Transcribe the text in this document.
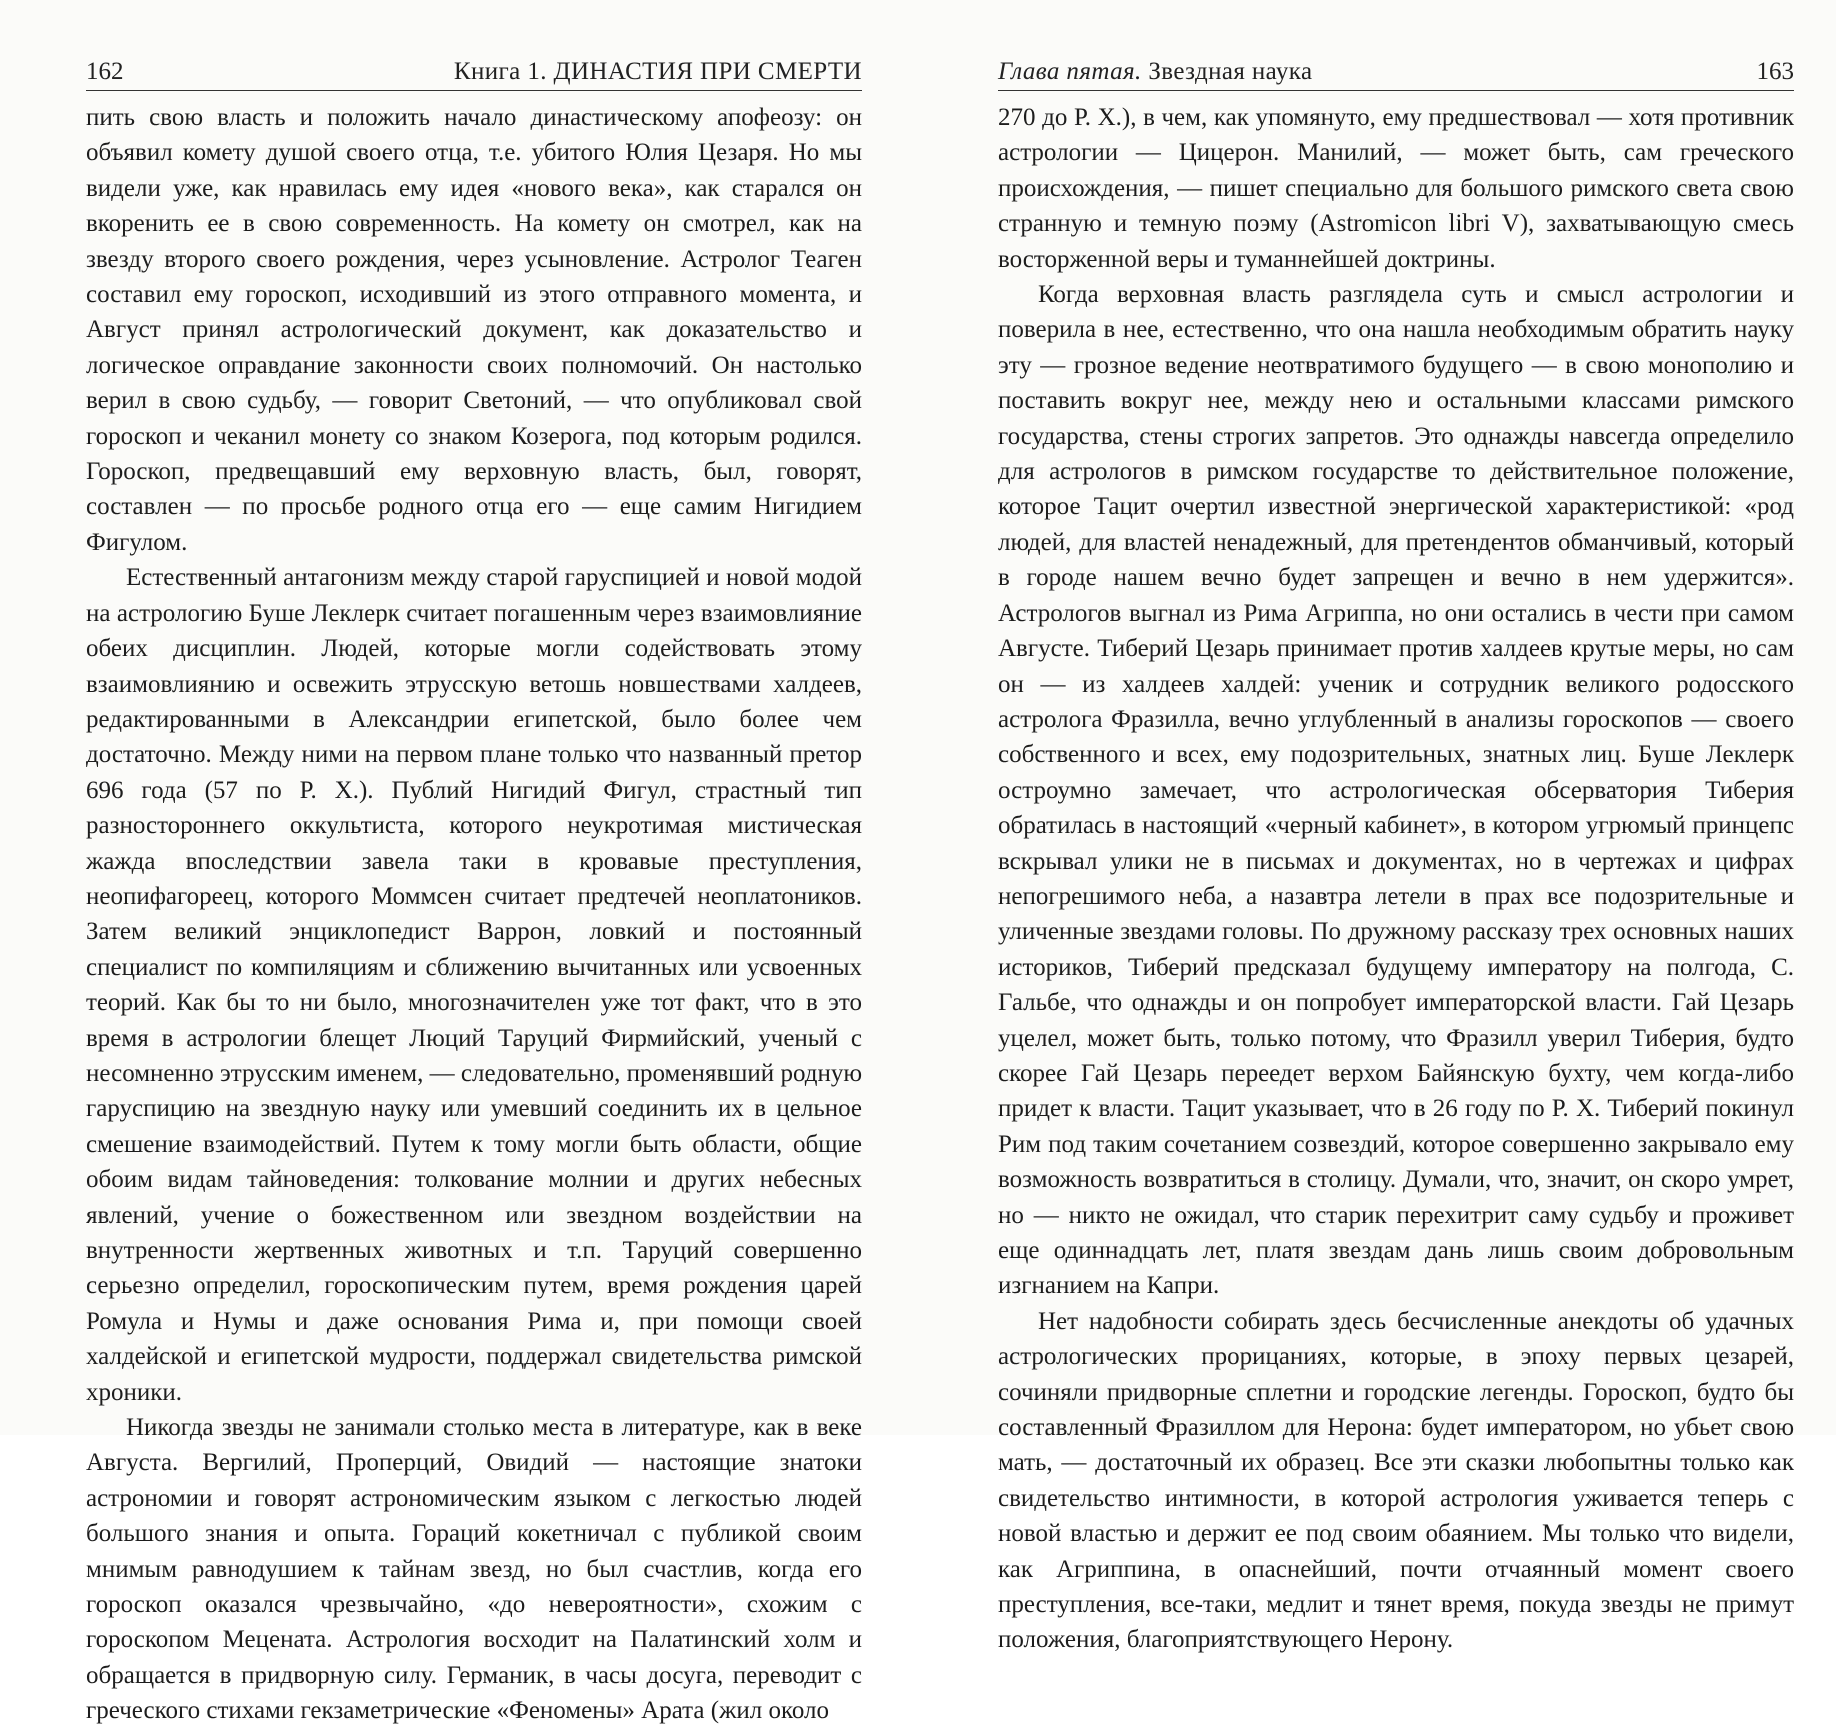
162	Книга 1. ДИНАСТИЯ ПРИ СМЕРТИ

пить свою власть и положить начало династическому апофеозу: он объявил комету душой своего отца, т.е. убитого Юлия Цезаря. Но мы видели уже, как нравилась ему идея «нового века», как старался он вкоренить ее в свою современность. На комету он смотрел, как на звезду второго своего рождения, через усыновление. Астролог Теаген составил ему гороскоп, исходивший из этого отправного момента, и Август принял астрологический документ, как доказательство и логическое оправдание законности своих полномочий. Он настолько верил в свою судьбу, — говорит Светоний, — что опубликовал свой гороскоп и чеканил монету со знаком Козерога, под которым родился. Гороскоп, предвещавший ему верховную власть, был, говорят, составлен — по просьбе родного отца его — еще самим Нигидием Фигулом.

Естественный антагонизм между старой гаруспицией и новой модой на астрологию Буше Леклерк считает погашенным через взаимовлияние обеих дисциплин. Людей, которые могли содействовать этому взаимовлиянию и освежить этрусскую ветошь новшествами халдеев, редактированными в Александрии египетской, было более чем достаточно. Между ними на первом плане только что названный претор 696 года (57 по Р. Х.). Публий Нигидий Фигул, страстный тип разностороннего оккультиста, которого неукротимая мистическая жажда впоследствии завела таки в кровавые преступления, неопифагореец, которого Моммсен считает предтечей неоплатоников. Затем великий энциклопедист Варрон, ловкий и постоянный специалист по компиляциям и сближению вычитанных или усвоенных теорий. Как бы то ни было, многозначителен уже тот факт, что в это время в астрологии блещет Люций Таруций Фирмийский, ученый с несомненно этрусским именем, — следовательно, променявший родную гаруспицию на звездную науку или умевший соединить их в цельное смешение взаимодействий. Путем к тому могли быть области, общие обоим видам тайноведения: толкование молнии и других небесных явлений, учение о божественном или звездном воздействии на внутренности жертвенных животных и т.п. Таруций совершенно серьезно определил, гороскопическим путем, время рождения царей Ромула и Нумы и даже основания Рима и, при помощи своей халдейской и египетской мудрости, поддержал свидетельства римской хроники.

Никогда звезды не занимали столько места в литературе, как в веке Августа. Вергилий, Проперций, Овидий — настоящие знатоки астрономии и говорят астрономическим языком с легкостью людей большого знания и опыта. Гораций кокетничал с публикой своим мнимым равнодушием к тайнам звезд, но был счастлив, когда его гороскоп оказался чрезвычайно, «до невероятности», схожим с гороскопом Мецената. Астрология восходит на Палатинский холм и обращается в придворную силу. Германик, в часы досуга, переводит с греческого стихами гекзаметрические «Феномены» Арата (жил около

Глава пятая. Звездная наука	163

270 до Р. Х.), в чем, как упомянуто, ему предшествовал — хотя противник астрологии — Цицерон. Манилий, — может быть, сам греческого происхождения, — пишет специально для большого римского света свою странную и темную поэму (Astromicon libri V), захватывающую смесь восторженной веры и туманнейшей доктрины.

Когда верховная власть разглядела суть и смысл астрологии и поверила в нее, естественно, что она нашла необходимым обратить науку эту — грозное ведение неотвратимого будущего — в свою монополию и поставить вокруг нее, между нею и остальными классами римского государства, стены строгих запретов. Это однажды навсегда определило для астрологов в римском государстве то действительное положение, которое Тацит очертил известной энергической характеристикой: «род людей, для властей ненадежный, для претендентов обманчивый, который в городе нашем вечно будет запрещен и вечно в нем удержится». Астрологов выгнал из Рима Агриппа, но они остались в чести при самом Августе. Тиберий Цезарь принимает против халдеев крутые меры, но сам он — из халдеев халдей: ученик и сотрудник великого родосского астролога Фразилла, вечно углубленный в анализы гороскопов — своего собственного и всех, ему подозрительных, знатных лиц. Буше Леклерк остроумно замечает, что астрологическая обсерватория Тиберия обратилась в настоящий «черный кабинет», в котором угрюмый принцепс вскрывал улики не в письмах и документах, но в чертежах и цифрах непогрешимого неба, а назавтра летели в прах все подозрительные и уличенные звездами головы. По дружному рассказу трех основных наших историков, Тиберий предсказал будущему императору на полгода, С. Гальбе, что однажды и он попробует императорской власти. Гай Цезарь уцелел, может быть, только потому, что Фразилл уверил Тиберия, будто скорее Гай Цезарь переедет верхом Байянскую бухту, чем когда-либо придет к власти. Тацит указывает, что в 26 году по Р. Х. Тиберий покинул Рим под таким сочетанием созвездий, которое совершенно закрывало ему возможность возвратиться в столицу. Думали, что, значит, он скоро умрет, но — никто не ожидал, что старик перехитрит саму судьбу и проживет еще одиннадцать лет, платя звездам дань лишь своим добровольным изгнанием на Капри.

Нет надобности собирать здесь бесчисленные анекдоты об удачных астрологических прорицаниях, которые, в эпоху первых цезарей, сочиняли придворные сплетни и городские легенды. Гороскоп, будто бы составленный Фразиллом для Нерона: будет императором, но убьет свою мать, — достаточный их образец. Все эти сказки любопытны только как свидетельство интимности, в которой астрология уживается теперь с новой властью и держит ее под своим обаянием. Мы только что видели, как Агриппина, в опаснейший, почти отчаянный момент своего преступления, все-таки, медлит и тянет время, покуда звезды не примут положения, благоприятствующего Нерону.
